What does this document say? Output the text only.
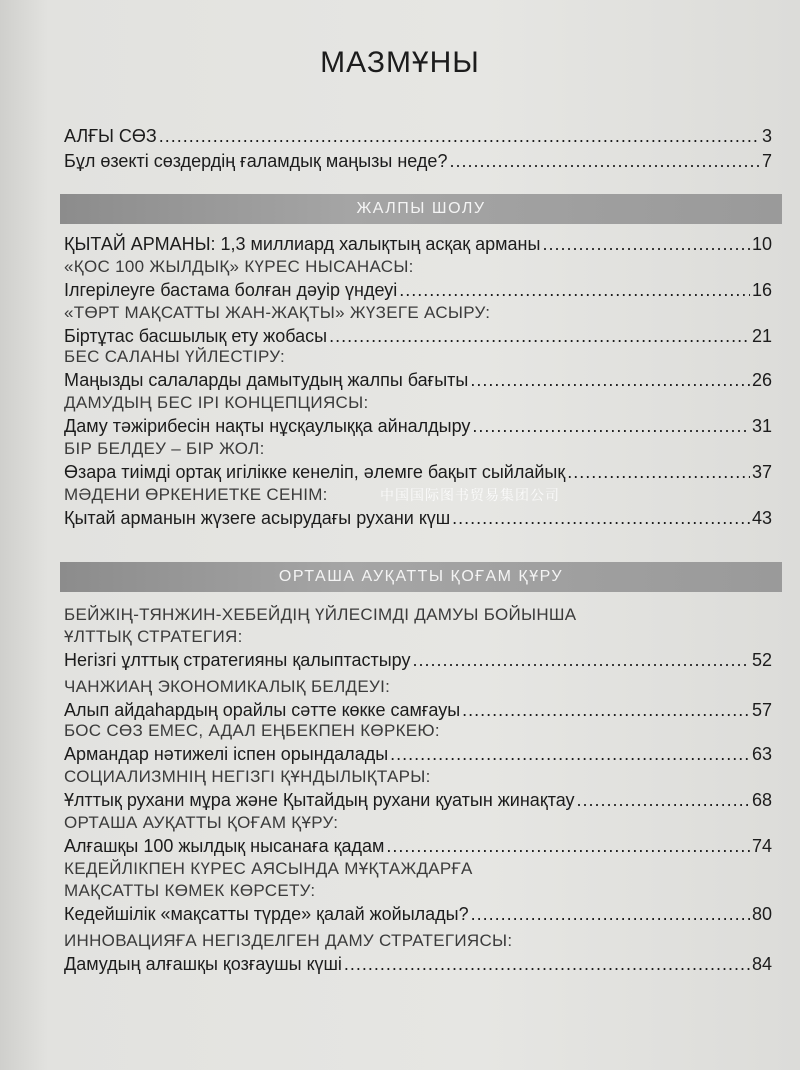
МАЗМҰНЫ
АЛҒЫ СӨЗ .....	3
Бұл өзекті сөздердің ғаламдық маңызы неде? .....	7
ЖАЛПЫ ШОЛУ
ҚЫТАЙ АРМАНЫ: 1,3 миллиард халықтың асқақ арманы .....	10
«ҚОС 100 ЖЫЛДЫҚ» КҮРЕС НЫСАНАСЫ:
Ілгерілеуге бастама болған дәуір үндеуі .....	16
«ТӨРТ МАҚСАТТЫ ЖАН-ЖАҚТЫ» ЖҮЗЕГЕ АСЫРУ:
Біртұтас басшылық ету жобасы .....	21
БЕС САЛАНЫ ҮЙЛЕСТІРУ:
Маңызды салаларды дамытудың жалпы бағыты .....	26
ДАМУДЫҢ БЕС ІРІ КОНЦЕПЦИЯСЫ:
Даму тәжірибесін нақты нұсқаулыққа айналдыру .....	31
БІР БЕЛДЕУ – БІР ЖОЛ:
Өзара тиімді ортақ игілікке кенеліп, әлемге бақыт сыйлайық .....	37
МӘДЕНИ ӨРКЕНИЕТКЕ СЕНІМ:
Қытай арманын жүзеге асырудағы рухани күш .....	43
中国国际图书贸易集团公司
ОРТАША АУҚАТТЫ ҚОҒАМ ҚҰРУ
БЕЙЖІҢ-ТЯНЖИН-ХЕБЕЙДІҢ ҮЙЛЕСІМДІ ДАМУЫ БОЙЫНША
ҰЛТТЫҚ СТРАТЕГИЯ:
Негізгі ұлттық стратегияны қалыптастыру .....	52
ЧАНЖИАҢ ЭКОНОМИКАЛЫҚ БЕЛДЕУІ:
Алып айдаһардың орайлы сәтте көкке самғауы .....	57
БОС СӨЗ ЕМЕС, АДАЛ ЕҢБЕКПЕН КӨРКЕЮ:
Армандар нәтижелі іспен орындалады .....	63
СОЦИАЛИЗМНІҢ НЕГІЗГІ ҚҰНДЫЛЫҚТАРЫ:
Ұлттық рухани мұра және Қытайдың рухани қуатын жинақтау .....	68
ОРТАША АУҚАТТЫ ҚОҒАМ ҚҰРУ:
Алғашқы 100 жылдық нысанаға қадам .....	74
КЕДЕЙЛІКПЕН КҮРЕС АЯСЫНДА МҰҚТАЖДАРҒА
МАҚСАТТЫ КӨМЕК КӨРСЕТУ:
Кедейшілік «мақсатты түрде» қалай жойылады? .....	80
ИННОВАЦИЯҒА НЕГІЗДЕЛГЕН ДАМУ СТРАТЕГИЯСЫ:
Дамудың алғашқы қозғаушы күші .....	84
